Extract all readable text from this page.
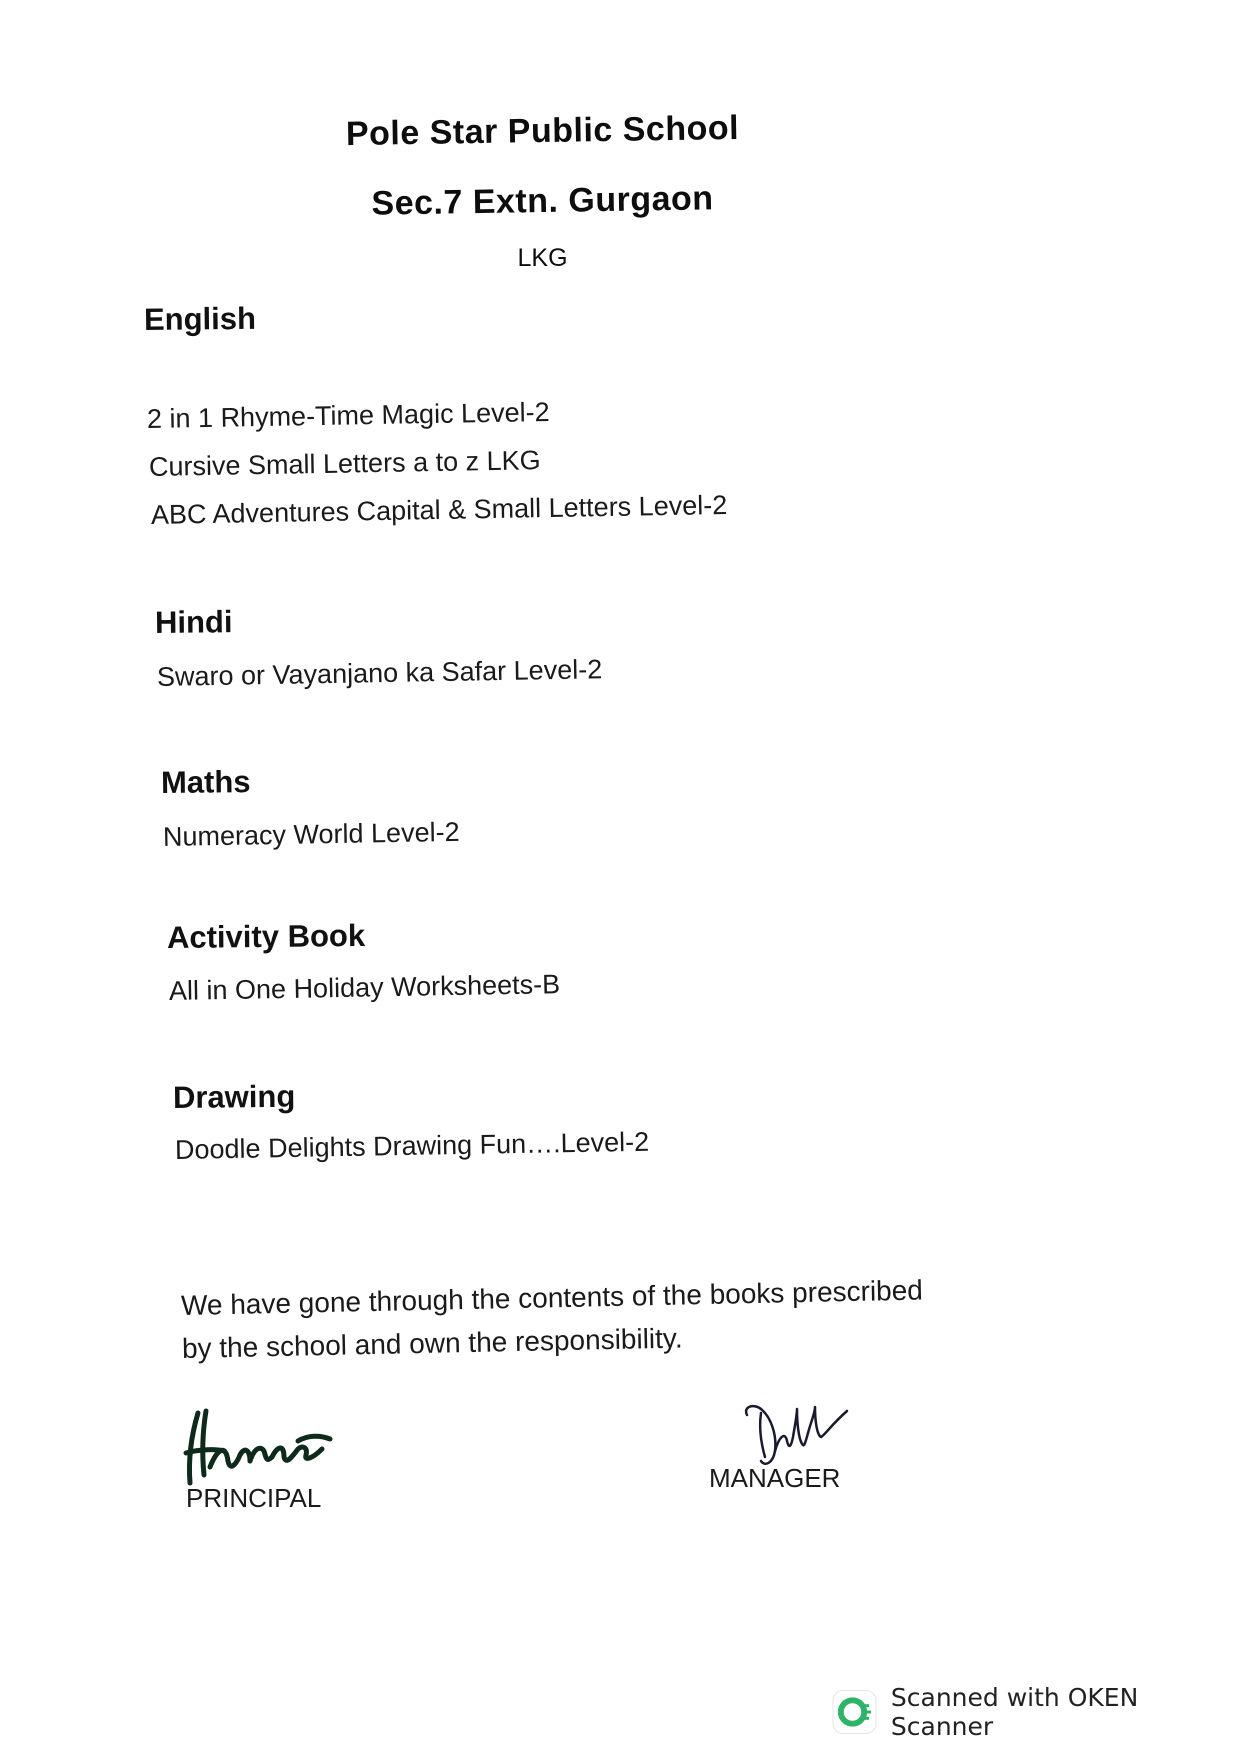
Pole Star Public School
Sec.7 Extn. Gurgaon
LKG
English
2 in 1 Rhyme-Time Magic Level-2
Cursive Small Letters a to z LKG
ABC Adventures Capital & Small Letters Level-2
Hindi
Swaro or Vayanjano ka Safar Level-2
Maths
Numeracy World Level-2
Activity Book
All in One Holiday Worksheets-B
Drawing
Doodle Delights Drawing Fun….Level-2
We have gone through the contents of the books prescribed
by the school and own the responsibility.
PRINCIPAL
MANAGER
Scanned with OKEN Scanner
